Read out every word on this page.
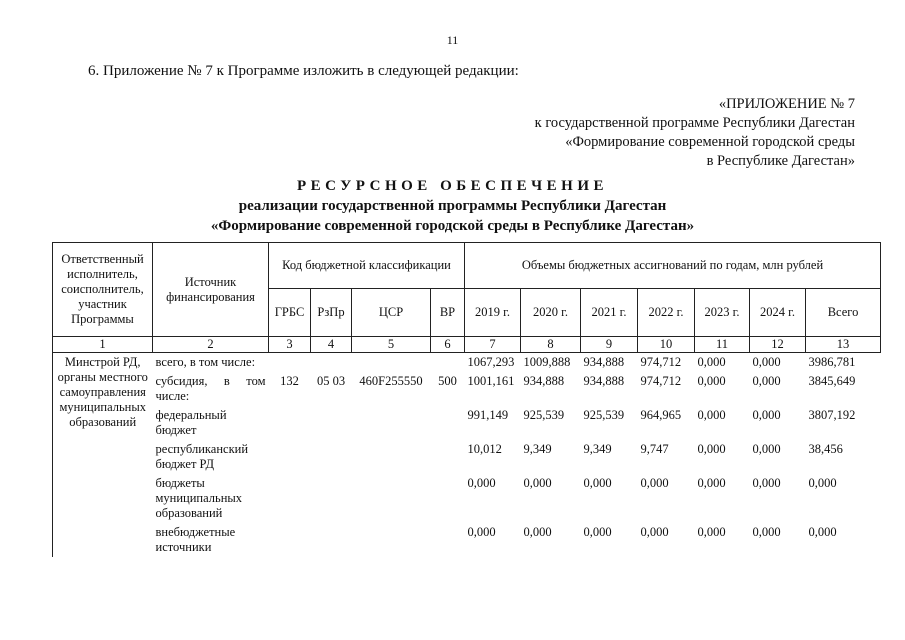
11
6. Приложение № 7 к Программе изложить в следующей редакции:
«ПРИЛОЖЕНИЕ № 7
к государственной программе Республики Дагестан
«Формирование современной городской среды
в Республике Дагестан»
РЕСУРСНОЕ ОБЕСПЕЧЕНИЕ
реализации государственной программы Республики Дагестан
«Формирование современной городской среды в Республике Дагестан»
Ответственный исполнитель, соисполнитель, участник Программы	Источник финансирования	Код бюджетной классификации				Объемы бюджетных ассигнований по годам, млн рублей						
		ГРБС	РзПр	ЦСР	ВР	2019 г.	2020 г.	2021 г.	2022 г.	2023 г.	2024 г.	Всего
1	2	3	4	5	6	7	8	9	10	11	12	13
Минстрой РД, органы местного самоуправления муниципальных образований	всего, в том числе:					1067,293	1009,888	934,888	974,712	0,000	0,000	3986,781
	субсидия, в том числе:	132	05 03	460F255550	500	1001,161	934,888	934,888	974,712	0,000	0,000	3845,649
	федеральный бюджет					991,149	925,539	925,539	964,965	0,000	0,000	3807,192
	республиканский бюджет РД					10,012	9,349	9,349	9,747	0,000	0,000	38,456
	бюджеты муниципальных образований					0,000	0,000	0,000	0,000	0,000	0,000	0,000
	внебюджетные источники					0,000	0,000	0,000	0,000	0,000	0,000	0,000
